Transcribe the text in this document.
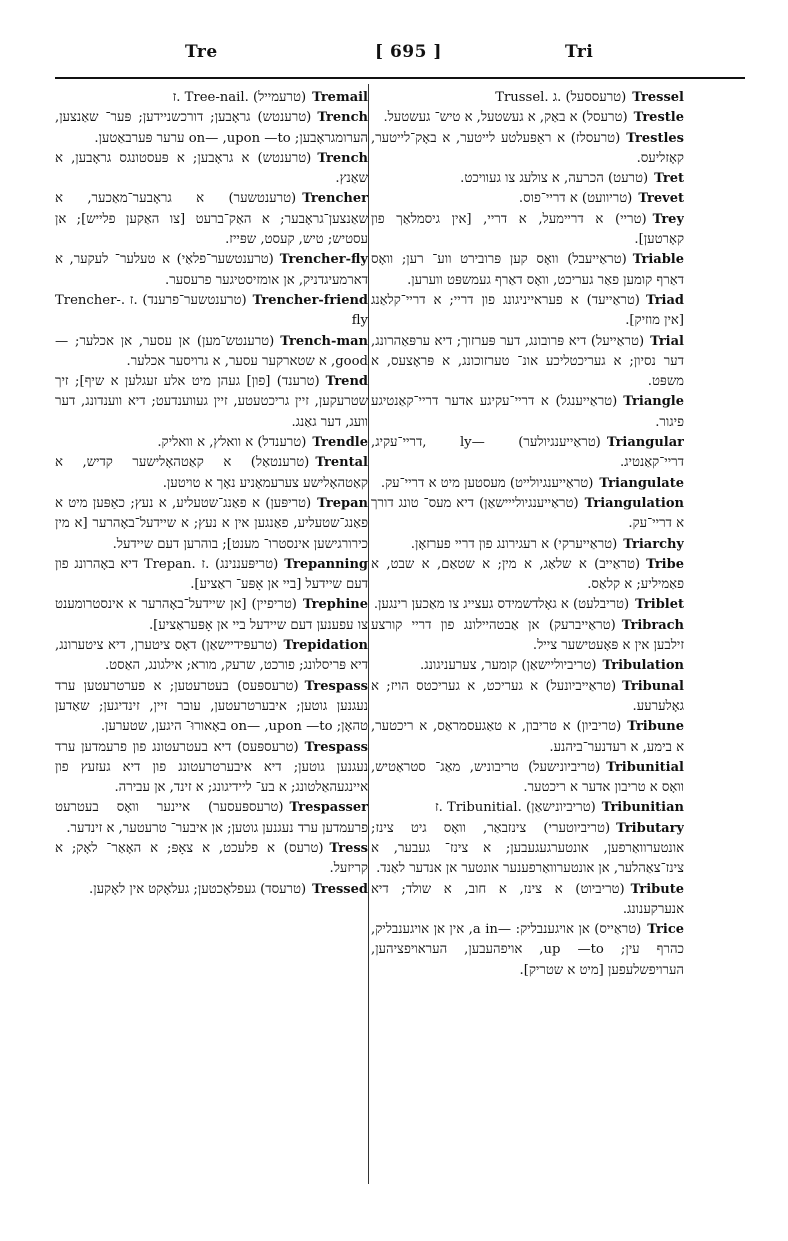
Tre	[ 695 ]	Tri
Tremail
(טרעמייל) .Tree-nail .ז
Trench
(טרענטש) גראָבען; דורכשניידען; פּער־ שאַנצען, הערומגראָבען; on— ,upon —to ערער פּערבאַטען.
Trench
(טרענטש) א גראָבען; א פּעסטונגס גראָבען, א שאַנץ.
Trencher
(טרענטשער) א גראָבער־מאַכער, א שאַנצען־גראָבער; א האַק־ברעט [צו האַקען פלייש]; אן עסטיש; טיש, קעסט, שפּייז.
Trencher-fly
(טרענטשער־פלאַי) א טעלער־ לעקער, א דארמעיגדניק, אן אומזיסטיגער פרעסער.
Trencher-friend
(טרענטשער־פרענד) .ז .Trencher-fly
Trench-man
(טרענטש־מען) אן עסער, אן אכלער; —good, א שטארקער עסער, א גרויסער אכלער.
Trend
(טרענד) [פון] געהן מיט אלע זעגלען א שיף]; זיך שטרעקען, זיין גריכטעטע, זיין געווענדעט; דיא ווענדונג, דער וועג, דער גאַנג.
Trendle
(טרענדל) א וואלץ, א וואליק.
Trental
(טרענטאַל) א קאַטהאָלישער קדיש, א קאַטהאָלישע צערעמאָניע נאָך א טויטען.
Trepan
(טריפּען) א פאַנג־שטעליע, א נעץ; כאַפּען מיט א פאַנג־שטעליע, פאַנגען אין א נעץ; א שיידעל־באָהרער [א מין כירורגישען אינסטרו־ מענט]; בוהרען דעם שיידעל.
Trepanning
(טריפּעננינג) .ז .Trepan דיא באָהרונג פון דעם שיידעל [ביי אן אָפּע־ ראַציע].
Trephine
(טריפיין) [אן שיידעל־באָהרער א אינסטרומענט צו עפענען דעם שיידעל ביי אן אָפּעראַציע].
Trepidation
(טרעפּידיישאַן) דאָס ציטערן, דיא ציטערונג, דיא פּריסלונג; פורכט, שרעק, מורא; אילגונג, האַסט.
Trespass
(טרעספּעס) בעטרעטען; א פערטרעטען ערד נעגנען גוטען; איבערטרעטען, עובר זיין, זינדיגען; שאַדען טהאָן; on— ,upon —to באָאורוּ־ היגען, שטערען.
Trespass
(טרעספּעס) דיא בעטרעטונג פון פרעמדען ערד נעגנען גוטען; דיא איבערטרעטונג פון דיא געזעץ פון איינגעהאַלטונג; א בע־ ליידיגונג; א זינד, אן עבירה.
Trespasser
(טרעספּעסער) איינער וואָס בעטרעט פרעמדען ערד נעגנען גוטען; אן איבער־ טרעטער, א זינדער.
Tress
(טרעס) א פלעכט, א צאָפּ; א האָאַר־ לאָק; א קריזעל.
Tressed
(טרעסד) געפלאָכטען; געלאָקט אין לאָקען.
Tressel
(טרעססעל) .ג .Trussel
Trestle
(טרעסל) א באַק, א געשטעל, א טיש־ געשטעל.
Trestles
(טרעסלז) א ראַפּעלטע לייטער, א באָק־לייטער, קאָזליעס.
Tret
(טרעט) הכרעה, א צולעג צו געוויכט.
Trevet
(טריוועט) א דריי־פוס.
Trey
(טריי) א דריימעל, א דריי, [אין גיסמלאַך פון קאָרטען].
Triable
(טראַייעבל) וואָס קען פּרובירט ווע־ רען; וואָס דאַרף קומען פאַר געריכט, וואָס דאַרף געמשפּט ווערען.
Triad
(טראַייעד) א פעראייניגונג פון דריי; א דריי־קלאַנג [אין מוזיק].
Trial
(טראַייעל) דיא פּרובונג, דער פּערזוך; דיא ערפּאַהרונג, דער נסיון; א געריכטליכע אונ־ טערזוכונג, א פּראָצעס, א משפּט.
Triangle
(טראַייענגל) א דריי־עקיגע אדער דריי־קאַנטיגע פיגור.
Triangular
(טראַייענגיולער) —ly ,דריי־עקיג, דריי־קאַנטיג.
Triangulate
(טראַייענגיולייט) מעסטען מיט א דריי־עק.
Triangulation
(טראַייענגיולייישאַן) דיא מעס־ טונג דורך א דריי־עק.
Triarchy
(טראַייערקי) א רעגירונג פון דריי פערזאָן.
Tribe
(טראַייב) א שלאַג, א מין; א שטאַם, א שבט, א פאַמיליע; א קלאַס.
Triblet
(טריבלעט) א גאָלדשמידס געצייג צו מאַכען רינגען.
Tribrach
(טראַייברעק) אן אַבטהיילונג פון דריי קורצע זילבען אין א פּאָעטישער צייל.
Tribulation
(טריביוליישאַן) קומער, צערעניגונג.
Tribunal
(טראַייביונעל) א געריכט, א געריכטס הויז; א גאָלערעע.
Tribune
(טריביון) א טריבון, א טאַגעסמראַס, א ריכטער, א בימע, א רעדנער־ביהנע.
Tribunitial
(טריביונישעל) טריבוניש, מאַג־ סטראַטיש, וואָס א טריבון אדער א ריכטער.
Tribunitian
(טריביונישאַן) .Tribunitial .ז
Tributary
(טריביוטערי) צינזבאַר, וואָס גיט צינז; אונטערוואַרפען, אונטערגעגעבען; א צינז־ געבער, א צינז־צאַהלער, אן אונטערוואַרפענער אונטער אן אנדער לאַנד.
Tribute
(טריביוט) א צינז, א חוב, א שולד; דיא אנערקענונג.
Trice
(טראַייס) אן אויגענבליק: —a in, אין אן אויגענבליק, כהרף עין; up —to, אויפהעבען, העראויפציהען, הערויפשלעפען [מיט א שטריק].
